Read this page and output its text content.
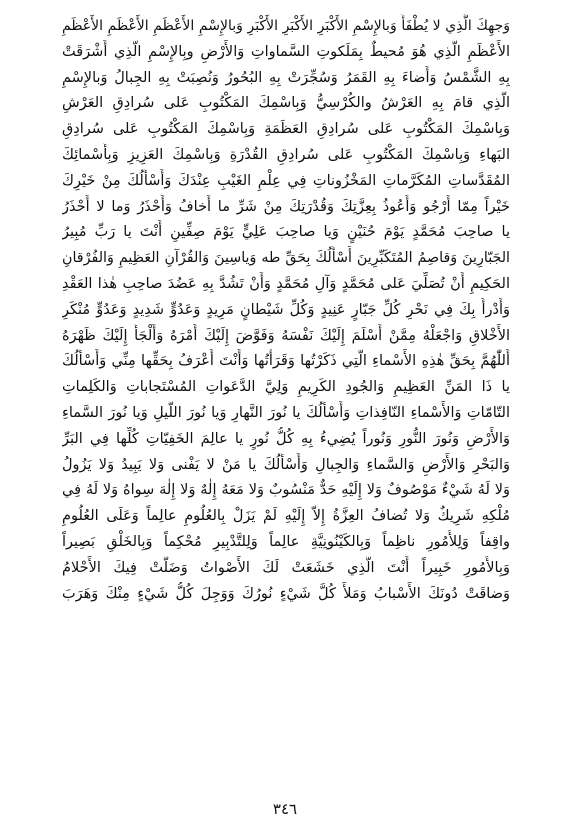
وَجهِكَ الَّذِي لا يُطْفَأُ وَبالإِسْمِ الأَكْبَرِ الأَكْبَرِ الأَكْبَرِ وَبالإِسْمِ الأَعْظَمِ الأَعْظَمِ الأَعْظَمِ
الأَعْظَمِ الَّذِي هُوَ مُحيطٌ بِمَلَكوتِ السَّماواتِ وَالأَرْضِ وبِالإِسْمِ الَّذِي أَشْرَقَتْ
بِهِ الشَّمْسُ وَأَضاءَ بِهِ القَمَرُ وَسُجِّرَتْ بِهِ البُحُورُ وَنُصِبَتْ بِهِ الجِبالُ وَبالإِسْمِ
الَّذِي قامَ بِهِ العَرْشُ والكُرْسِيُّ وَبِاسْمِكَ المَكْتُوبِ عَلى سُرادِقِ العَرْشِ
وَبِاسْمِكَ المَكْتُوبِ عَلى سُرادِقِ العَظَمَةِ وَبِاسْمِكَ المَكْتُوبِ عَلى سُرادِقِ
البَهاءِ وَبِاسْمِكَ المَكْتُوبِ عَلى سُرادِقِ القُدْرَةِ وَبِاسْمِكَ العَزِيزِ وَبِأَسْمائِكَ
المُقَدَّساتِ المُكَرَّماتِ المَخْزُوناتِ فِي عِلْمِ الغَيْبِ عِنْدَكَ وَأَسْأَلُكَ مِنْ خَيْرِكَ
خَيْراً مِمّا أَرْجُو وَأَعُوذُ بِعِزَّتِكَ وَقُدْرَتِكَ مِنْ شَرِّ ما أَخافُ وَأَحْذَرُ وَما لا أَحْذَرُ
يا صاحِبَ مُحَمَّدٍ يَوْمَ حُنَيْنٍ وَيا صاحِبَ عَلِيٍّ يَوْمَ صِفِّينِ أَنْتَ يا رَبِّ مُبِيرُ
الجَبّارِينَ وَقاصِمُ المُتَكَبِّرِينَ أَسْأَلُكَ بِحَقِّ طه وَياسِينَ وَالقُرْآنِ العَظِيمِ وَالفُرْقانِ
الحَكِيمِ أَنْ تُصَلِّيَ عَلى مُحَمَّدٍ وَآلِ مُحَمَّدٍ وَأَنْ تَشُدَّ بِهِ عَضُدَ صاحِبِ هٰذا العَقْدِ
وَأَدْرأُ بِكَ فِي نَحْرِ كُلِّ جَبّارٍ عَنِيدٍ وَكُلِّ شَيْطانٍ مَرِيدٍ وَعَدُوٍّ شَدِيدٍ وَعَدُوٍّ مُنْكَرِ
الأَخْلاقِ وَاجْعَلْهُ مِمَّنْ أَسْلَمَ إِلَيْكَ نَفْسَهُ وَفَوَّضَ إِلَيْكَ أَمْرَهُ وَأَلْجَأَ إِلَيْكَ ظَهْرَهُ
أَللّٰهُمَّ بِحَقِّ هٰذِهِ الأَسْماءِ الَّتِي ذَكَرْتُها وَقَرَأْتُها وَأَنْتَ أَعْرَفُ بِحَقِّها مِنِّي وَأَسْأَلُكَ
يا ذَا المَنِّ العَظِيمِ وَالجُودِ الكَرِيمِ وَلِيَّ الدَّعَواتِ المُسْتَجاباتِ وَالكَلِماتِ
التّامّاتِ وَالأَسْماءِ النّافِذاتِ وَأَسْأَلُكَ يا نُورَ النَّهارِ وَيا نُورَ اللَّيلِ وَيا نُورَ السَّماءِ
وَالأَرْضِ وَنُورَ النُّورِ وَنُوراً يُضِيءُ بِهِ كُلُّ نُورٍ يا عالِمَ الخَفِيّاتِ كُلِّها فِي البَرِّ
وَالبَحْرِ وَالأَرْضِ وَالسَّماءِ وَالجِبالِ وَأَسْأَلُكَ يا مَنْ لا يَفْنى وَلا يَبِيدُ وَلا يَزُولُ
وَلا لَهُ شَيْءٌ مَوْصُوفٌ وَلا إِلَيْهِ حَدٌّ مَنْسُوبٌ وَلا مَعَهُ إِلٰهٌ وَلا إِلٰهَ سِواهُ وَلا لَهُ فِي
مُلْكِهِ شَرِيكٌ وَلا تُضافُ العِزَّةُ إِلاّ إِلَيْهِ لَمْ يَزَلْ بِالعُلُومِ عالِماً وَعَلَى العُلُومِ
واقِفاً وَلِلأُمُورِ ناظِماً وَبِالكَيْنُونِيَّةِ عالِماً وَلِلتَّدْبِيرِ مُحْكِماً وَبِالخَلْقِ بَصِيراً
وَبِالأُمُورِ خَبِيراً أَنْتَ الَّذِي خَشَعَتْ لَكَ الأَصْواتُ وَضَلَّتْ فِيكَ الأَحْلامُ
وَضاقَتْ دُونَكَ الأَسْبابُ وَمَلأَ كُلَّ شَيْءٍ نُورُكَ وَوَجِلَ كُلُّ شَيْءٍ مِنْكَ وَهَرَبَ
٣٤٦
